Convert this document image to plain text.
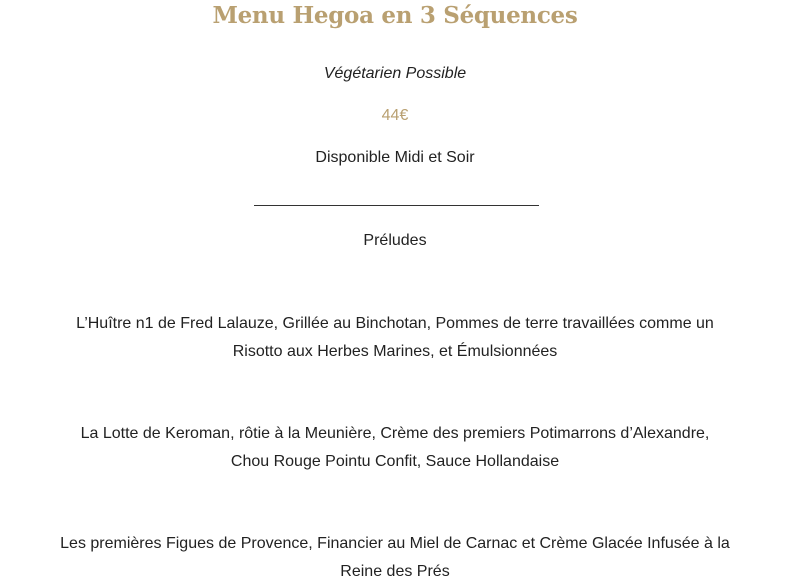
Menu Hegoa en 3 Séquences

Végétarien Possible

44€

Disponible Midi et Soir

Préludes

L’Huître n1 de Fred Lalauze, Grillée au Binchotan, Pommes de terre travaillées comme un
Risotto aux Herbes Marines, et Émulsionnées

La Lotte de Keroman, rôtie à la Meunière, Crème des premiers Potimarrons d’Alexandre,
Chou Rouge Pointu Confit, Sauce Hollandaise

Les premières Figues de Provence, Financier au Miel de Carnac et Crème Glacée Infusée à la
Reine des Prés
